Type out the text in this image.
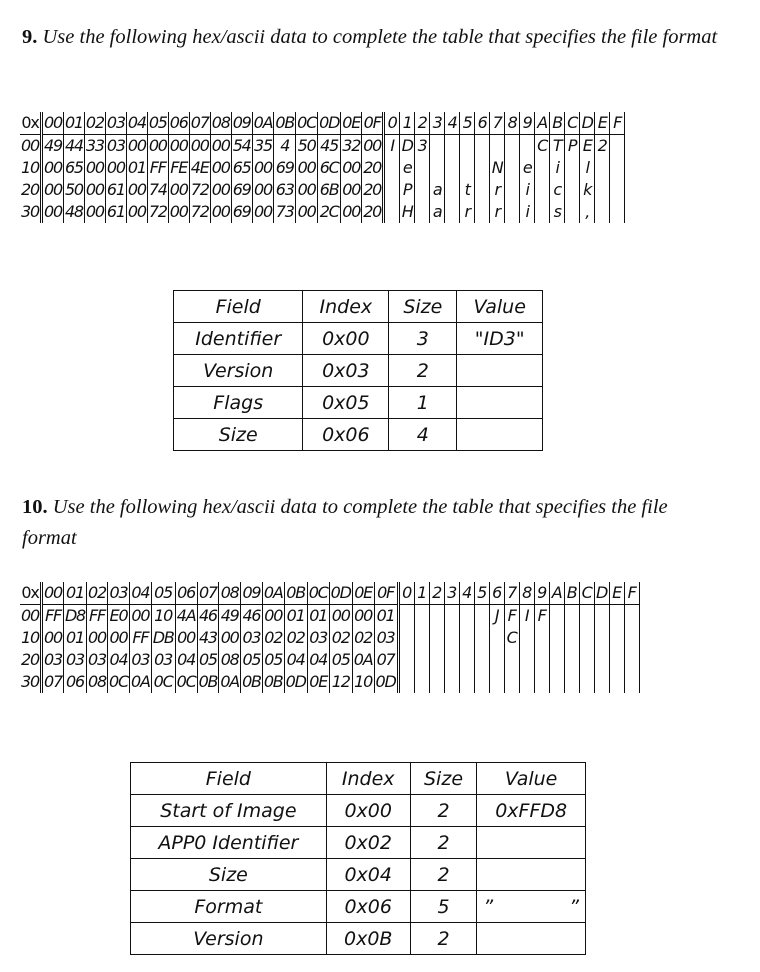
9. Use the following hex/ascii data to complete the table that specifies the file format
0x	00	01	02	03	04	05	06	07	08	09	0A	0B	0C	0D	0E	0F	0	1	2	3	4	5	6	7	8	9	A	B	C	D	E	F
00	49	44	33	03	00	00	00	00	00	54	35	4	50	45	32	00	I	D	3								C	T	P	E	2	
10	00	65	00	00	01	FF	FE	4E	00	65	00	69	00	6C	00	20		e						N		e		i		l		
20	00	50	00	61	00	74	00	72	00	69	00	63	00	6B	00	20		P		a		t		r		i		c		k		
30	00	48	00	61	00	72	00	72	00	69	00	73	00	2C	00	20		H		a		r		r		i		s		,		
Field	Index	Size	Value
Identifier	0x00	3	"ID3"
Version	0x03	2	
Flags	0x05	1	
Size	0x06	4	
10. Use the following hex/ascii data to complete the table that specifies the file format
0x	00	01	02	03	04	05	06	07	08	09	0A	0B	0C	0D	0E	0F	0	1	2	3	4	5	6	7	8	9	A	B	C	D	E	F
00	FF	D8	FF	E0	00	10	4A	46	49	46	00	01	01	00	00	01							J	F	I	F						
10	00	01	00	00	FF	DB	00	43	00	03	02	02	03	02	02	03								C								
20	03	03	03	04	03	03	04	05	08	05	05	04	04	05	0A	07																
30	07	06	08	0C	0A	0C	0C	0B	0A	0B	0B	0D	0E	12	10	0D																
Field	Index	Size	Value
Start of Image	0x00	2	0xFFD8
APP0 Identifier	0x02	2	
Size	0x04	2	
Format	0x06	5	” ”

Version	0x0B	2	
